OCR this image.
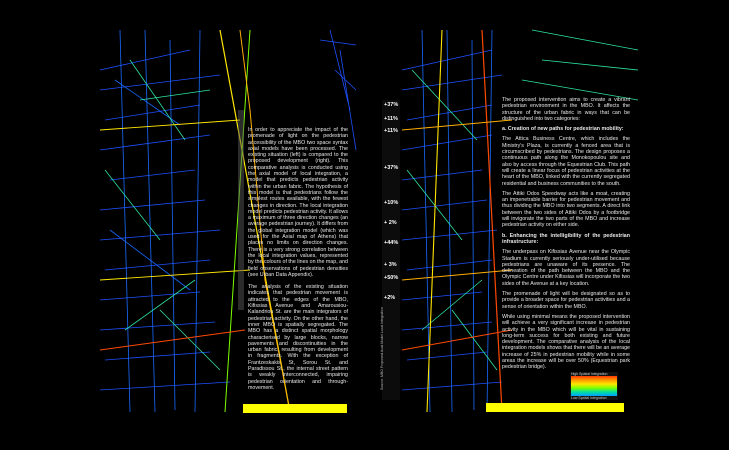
In order to appreciate the impact of the promenade of light on the pedestrian accessibility of the MBO two space syntax axial models have been processed. The existing situation (left) is compared to the proposed development (right). This comparative analysis is conducted using the axial model of local integration, a model that predicts pedestrian activity within the urban fabric. The hypothesis of this model is that pedestrians follow the simplest routes available, with the fewest changes in direction. The local integration model predicts pedestrian activity. It allows a maximum of three direction changes (an average pedestrian journey). It differs from the global integration model (which was used for the Axial map of Athens) that places no limits on direction changes. There is a very strong correlation between the local integration values, represented by the colours of the lines on the map, and field observations of pedestrian densities (see Urban Data Appendix).

The analysis of the existing situation indicates that pedestrian movement is attracted to the edges of the MBO, Kifissias Avenue and Amarousiou- Kalandriou St. are the main integrators of pedestrian activity. On the other hand, the inner MBO is spatially segregated. The MBO has a distinct spatial morphology characterised by large blocks, narrow pavements and discontinuities in the urban fabric, resulting from development in fragments. With the exception of Frantzeskakis St, Sorou St. and Paradissou St., the internal street pattern is weakly interconnected, impairing pedestrian orientation and through-movement.

+37%
+11%
+11%
+37%
+10%
+ 2%
+44%
+ 3%
+50%
+2%
Source: MBO Proposed Axial Model Local Integration

The proposed intervention aims to create a vibrant pedestrian environment in the MBO. It affects the structure of the urban fabric in ways that can be distinguished into two categories:

a. Creation of new paths for pedestrian mobility:

The Attica Business Centre, which includes the Ministry's Plaza, is currently a fenced area that is circumscribed by pedestrians. The design proposes a continuous path along the Monokopoulou site and also by access through the Equestrian Club. This path will create a linear focus of pedestrian activities at the heart of the MBO, linked with the currently segregated residential and business communities to the south.

The Attiki Odos Speedway acts like a moat, creating an impenetrable barrier for pedestrian movement and thus dividing the MBO into two segments. A direct link between the two sides of Attiki Odos by a footbridge will invigorate the two parts of the MBO and increase pedestrian activity on either side.

b. Enhancing the intelligibility of the pedestrian infrastructure:

The underpass on Kifissias Avenue near the Olympic Stadium is currently seriously under-utilised because pedestrians are unaware of its presence. The delineation of the path between the MBO and the Olympic Centre under Kifissias will incorporate the two sides of the Avenue at a key location.

The promenade of light will be designated so as to provide a broader space for pedestrian activities and a sense of orientation within the MBO.

While using minimal means the proposed intervention will achieve a very significant increase in pedestrian activity in the MBO which will be vital in sustaining long-term success for both existing and future development. The comparative analysis of the local integration models shows that there will be an average increase of 25% in pedestrian mobility while in some areas the increase will be over 50% (Equestrian park pedestrian bridge).

High Spatial Integration
Low Spatial Integration
